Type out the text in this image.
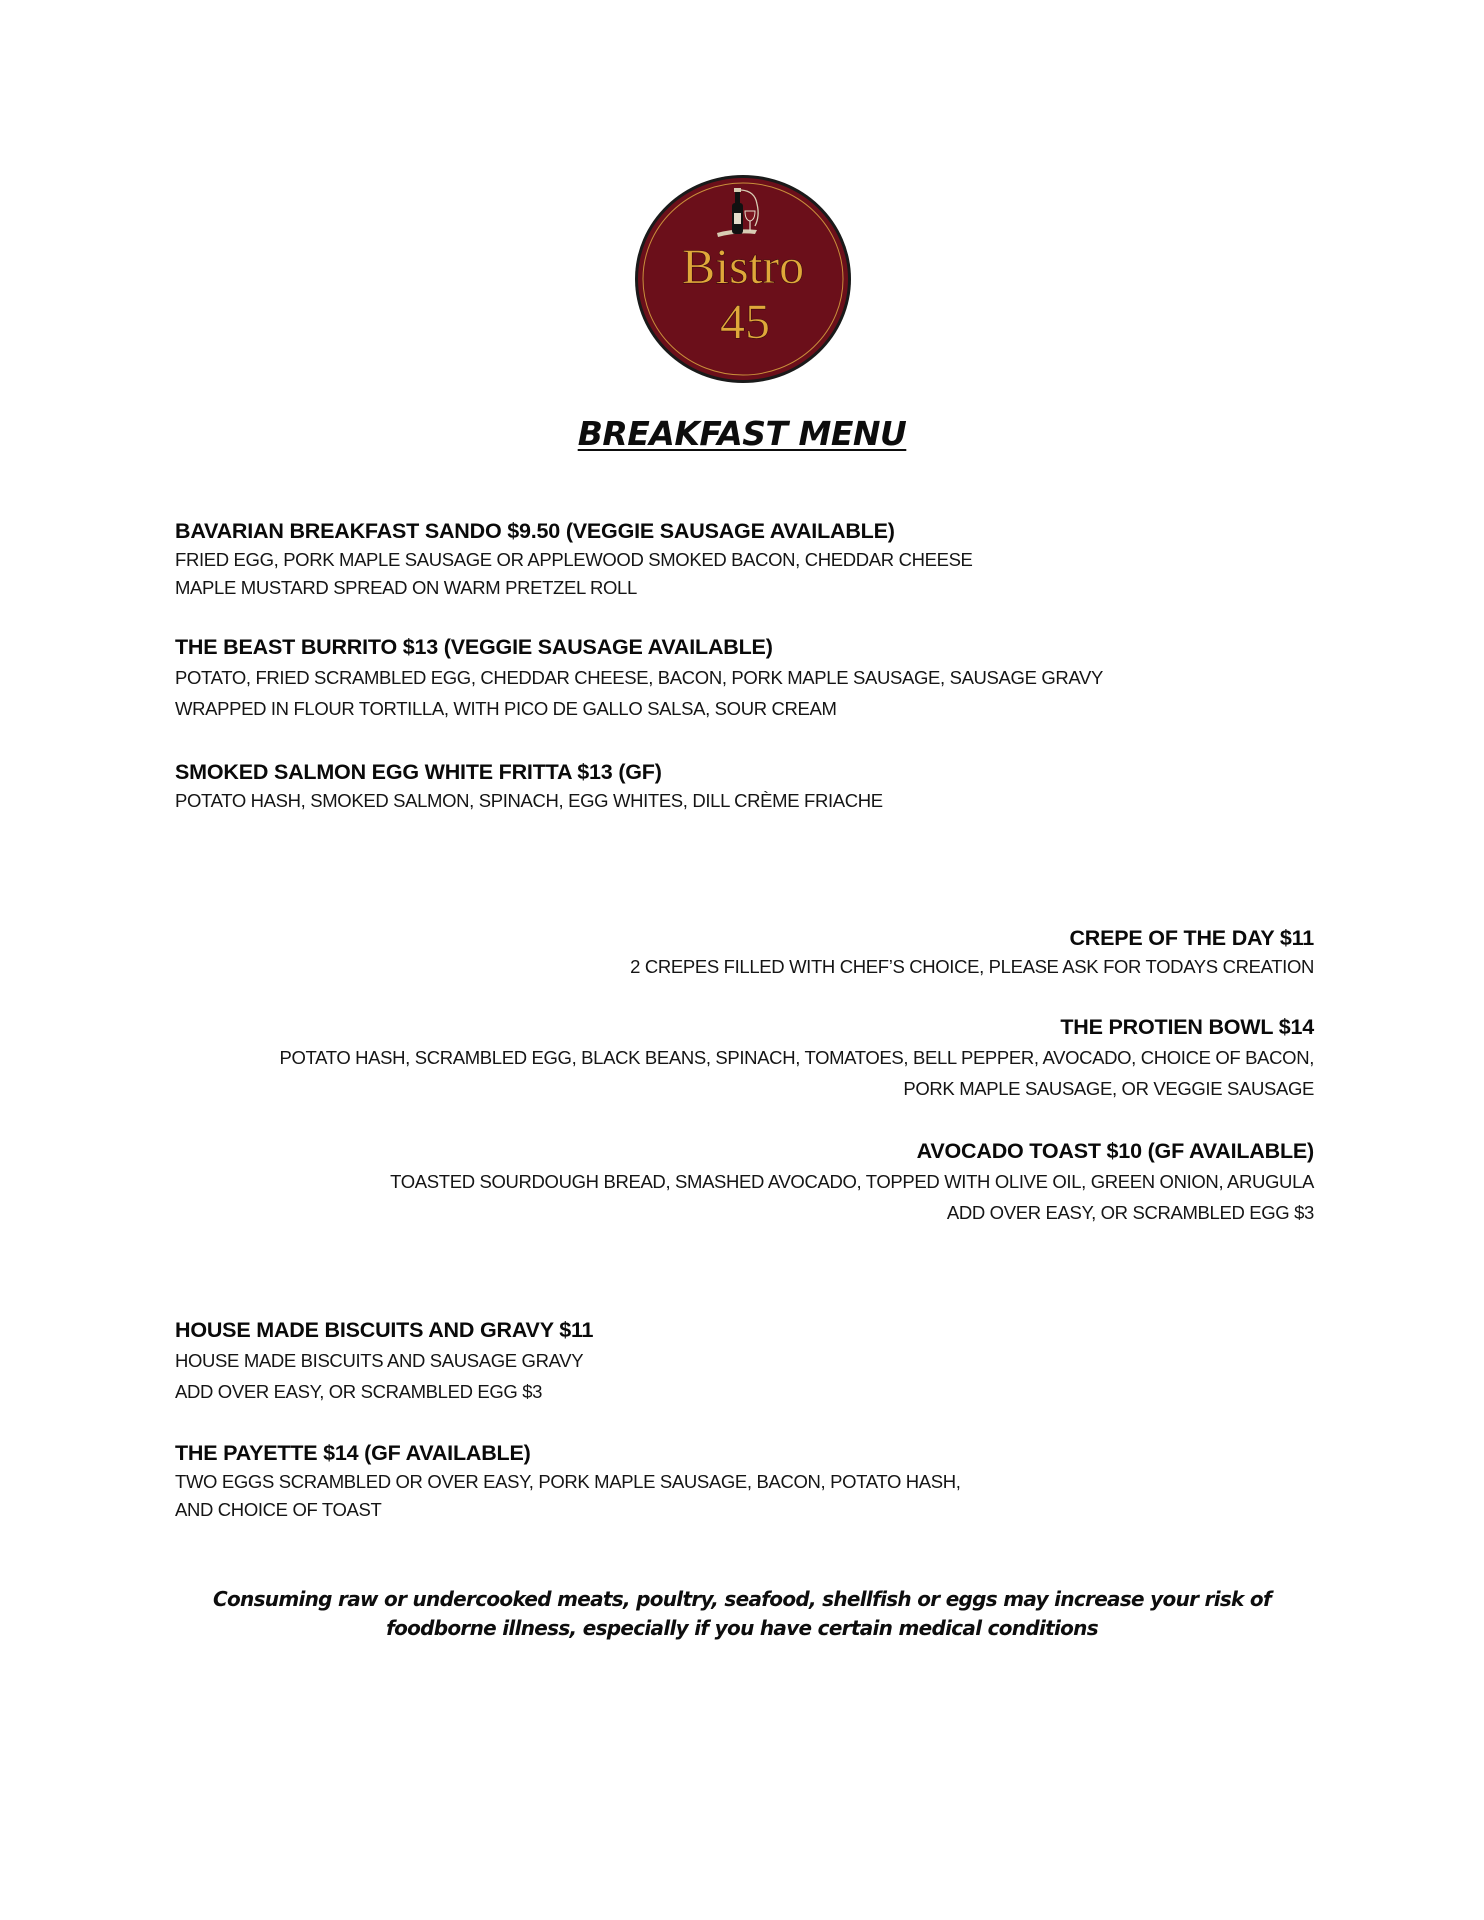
Bistro
45
BREAKFAST MENU
BAVARIAN BREAKFAST SANDO $9.50 (VEGGIE SAUSAGE AVAILABLE)
FRIED EGG, PORK MAPLE SAUSAGE OR APPLEWOOD SMOKED BACON, CHEDDAR CHEESE
MAPLE MUSTARD SPREAD ON WARM PRETZEL ROLL
THE BEAST BURRITO $13 (VEGGIE SAUSAGE AVAILABLE)
POTATO, FRIED SCRAMBLED EGG, CHEDDAR CHEESE, BACON, PORK MAPLE SAUSAGE, SAUSAGE GRAVY
WRAPPED IN FLOUR TORTILLA, WITH PICO DE GALLO SALSA, SOUR CREAM
SMOKED SALMON EGG WHITE FRITTA $13 (GF)
POTATO HASH, SMOKED SALMON, SPINACH, EGG WHITES, DILL CRÈME FRIACHE
CREPE OF THE DAY $11
2 CREPES FILLED WITH CHEF’S CHOICE, PLEASE ASK FOR TODAYS CREATION
THE PROTIEN BOWL $14
POTATO HASH, SCRAMBLED EGG, BLACK BEANS, SPINACH, TOMATOES, BELL PEPPER, AVOCADO, CHOICE OF BACON,
PORK MAPLE SAUSAGE, OR VEGGIE SAUSAGE
AVOCADO TOAST $10 (GF AVAILABLE)
TOASTED SOURDOUGH BREAD, SMASHED AVOCADO, TOPPED WITH OLIVE OIL, GREEN ONION, ARUGULA
ADD OVER EASY, OR SCRAMBLED EGG $3
HOUSE MADE BISCUITS AND GRAVY $11
HOUSE MADE BISCUITS AND SAUSAGE GRAVY
ADD OVER EASY, OR SCRAMBLED EGG $3
THE PAYETTE $14 (GF AVAILABLE)
TWO EGGS SCRAMBLED OR OVER EASY, PORK MAPLE SAUSAGE, BACON, POTATO HASH,
AND CHOICE OF TOAST
Consuming raw or undercooked meats, poultry, seafood, shellfish or eggs may increase your risk of
foodborne illness, especially if you have certain medical conditions
